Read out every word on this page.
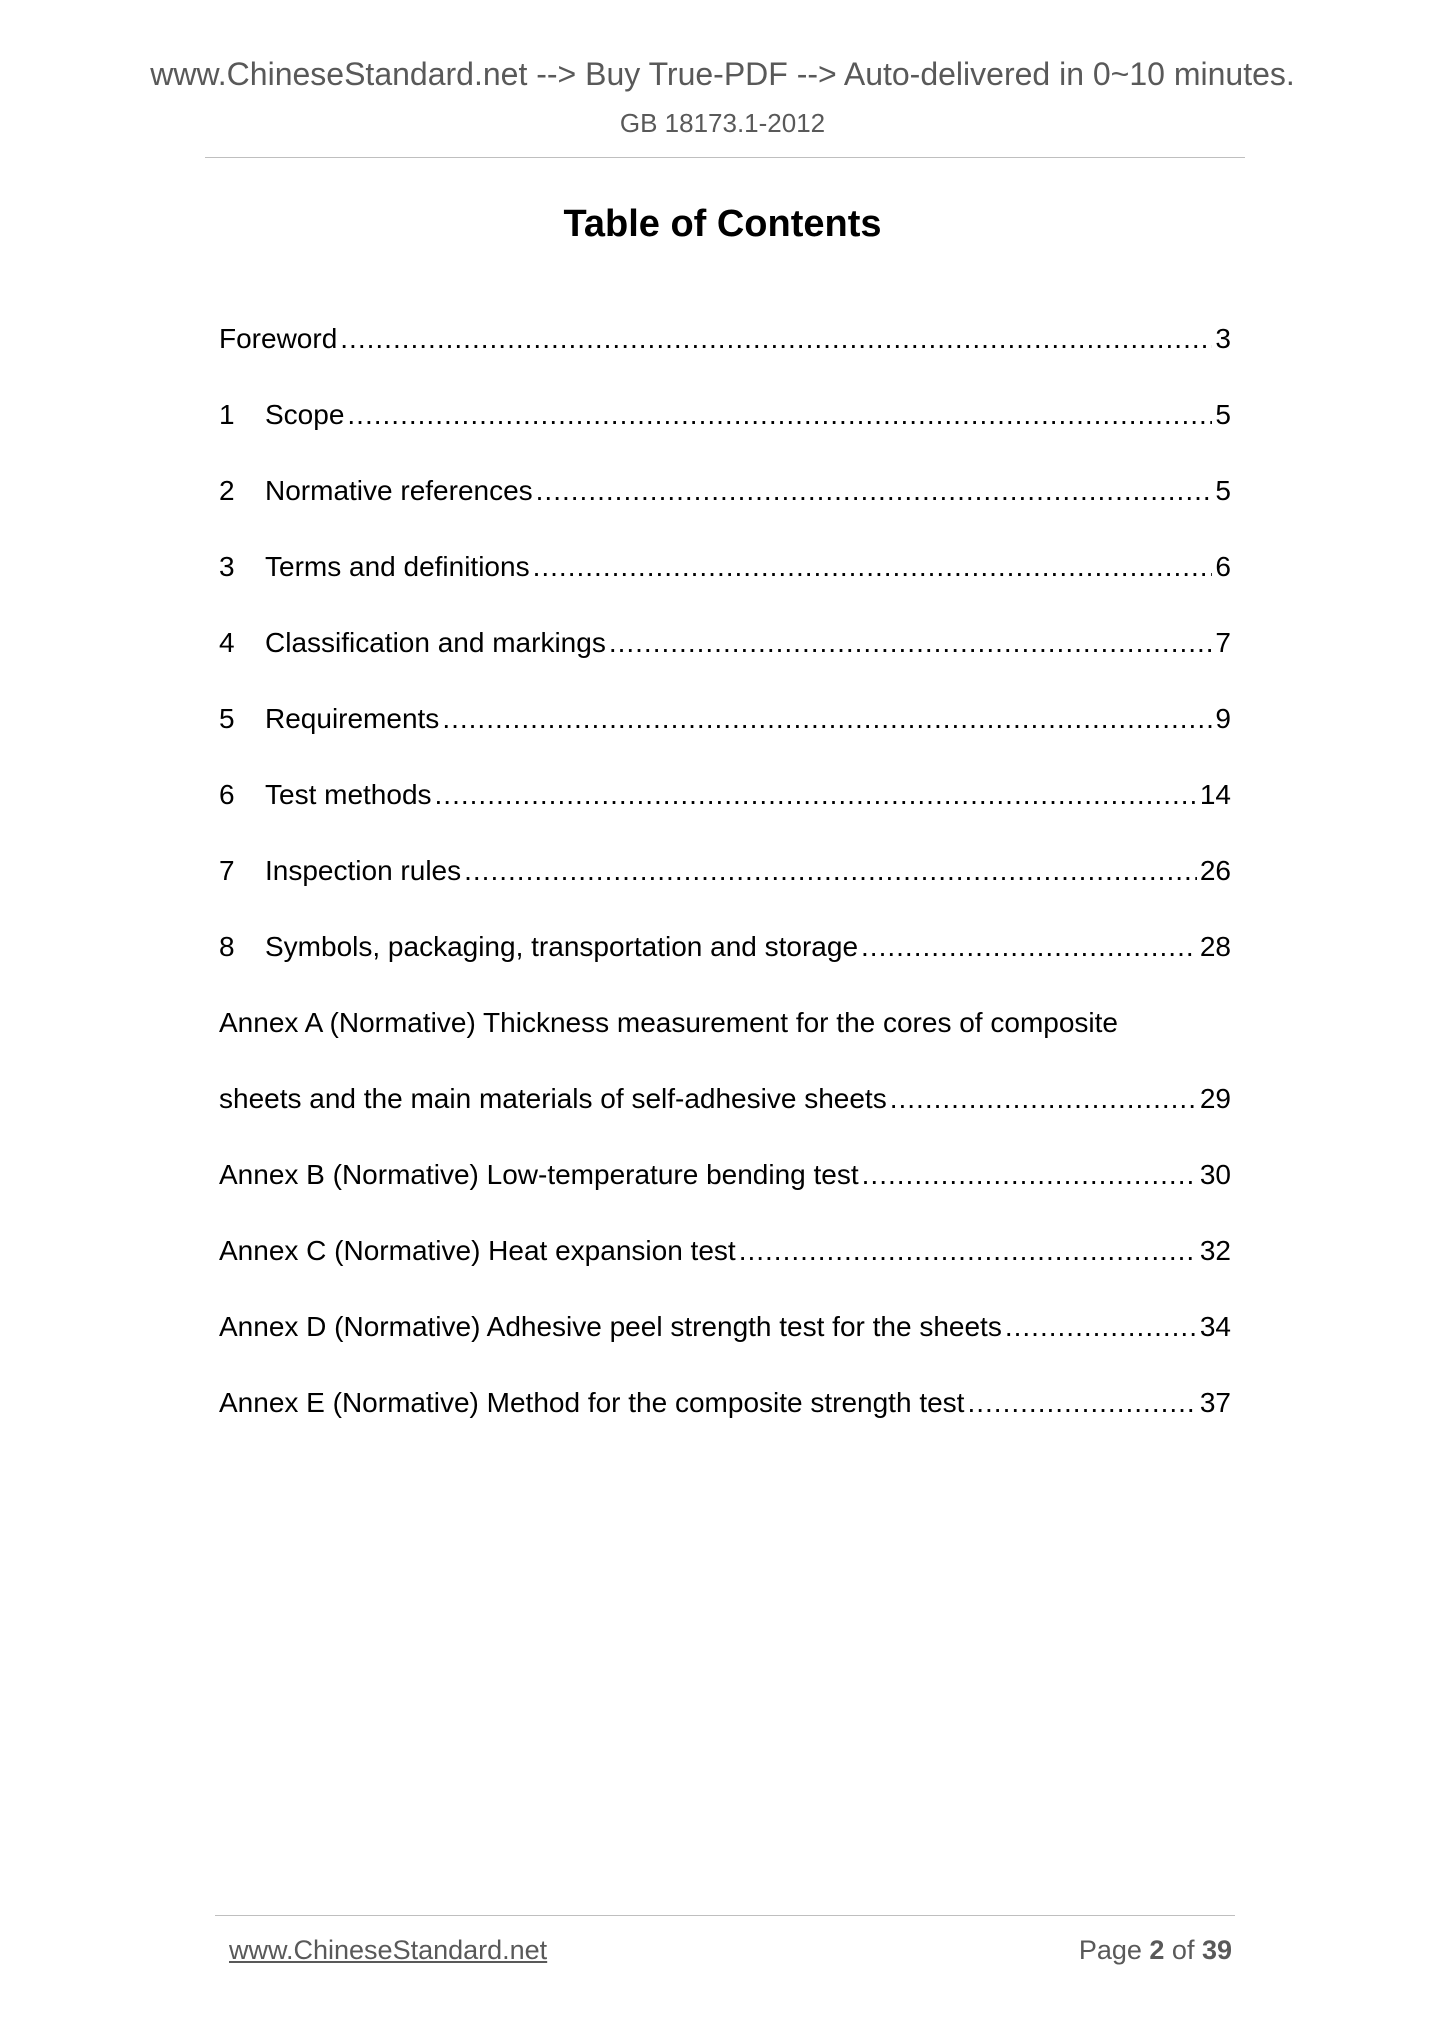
www.ChineseStandard.net --> Buy True-PDF --> Auto-delivered in 0~10 minutes.
GB 18173.1-2012
Table of Contents
Foreword .....	3
1	Scope .....	5
2	Normative references .....	5
3	Terms and definitions .....	6
4	Classification and markings .....	7
5	Requirements .....	9
6	Test methods .....	14
7	Inspection rules .....	26
8	Symbols, packaging, transportation and storage .....	28
Annex A (Normative) Thickness measurement for the cores of composite
sheets and the main materials of self-adhesive sheets .....	29
Annex B (Normative) Low-temperature bending test .....	30
Annex C (Normative) Heat expansion test .....	32
Annex D (Normative) Adhesive peel strength test for the sheets .....	34
Annex E (Normative) Method for the composite strength test .....	37
www.ChineseStandard.net	Page 2 of 39
